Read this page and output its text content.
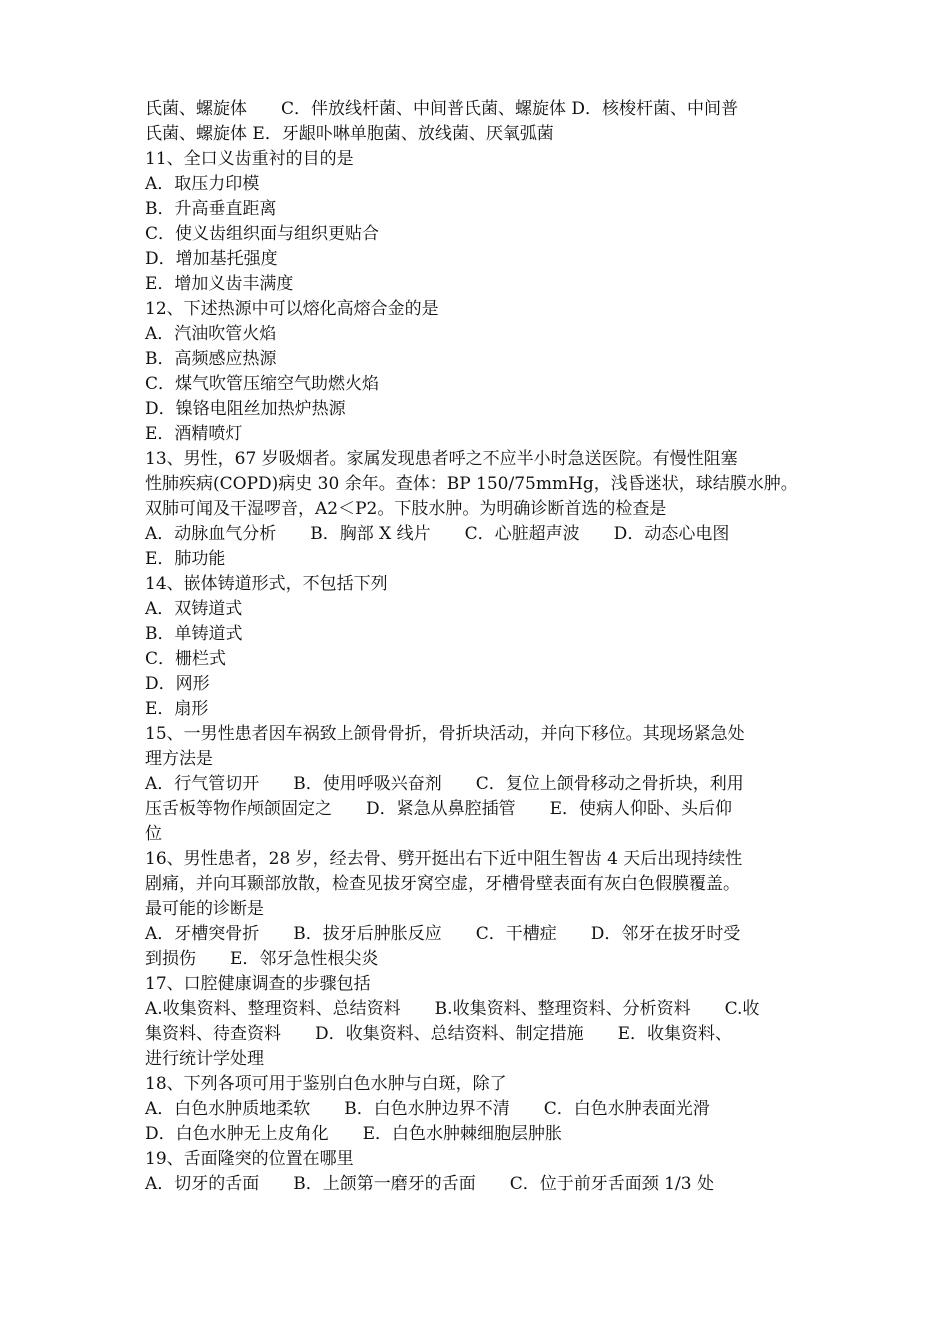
氏菌、螺旋体　　C．伴放线杆菌、中间普氏菌、螺旋体 D．核梭杆菌、中间普
氏菌、螺旋体 E．牙龈卟啉单胞菌、放线菌、厌氧弧菌
11、全口义齿重衬的目的是
A．取压力印模
B．升高垂直距离
C．使义齿组织面与组织更贴合
D．增加基托强度
E．增加义齿丰满度
12、下述热源中可以熔化高熔合金的是
A．汽油吹管火焰
B．高频感应热源
C．煤气吹管压缩空气助燃火焰
D．镍铬电阻丝加热炉热源
E．酒精喷灯
13、男性，67 岁吸烟者。家属发现患者呼之不应半小时急送医院。有慢性阻塞
性肺疾病(COPD)病史 30 余年。查体：BP 150/75mmHg，浅昏迷状，球结膜水肿。
双肺可闻及干湿啰音，A2＜P2。下肢水肿。为明确诊断首选的检查是
A．动脉血气分析　　B．胸部 X 线片　　C．心脏超声波　　D．动态心电图
E．肺功能
14、嵌体铸道形式，不包括下列
A．双铸道式
B．单铸道式
C．栅栏式
D．网形
E．扇形
15、一男性患者因车祸致上颌骨骨折，骨折块活动，并向下移位。其现场紧急处
理方法是
A．行气管切开　　B．使用呼吸兴奋剂　　C．复位上颌骨移动之骨折块，利用
压舌板等物作颅颌固定之　　D．紧急从鼻腔插管　　E．使病人仰卧、头后仰
位
16、男性患者，28 岁，经去骨、劈开挺出右下近中阻生智齿 4 天后出现持续性
剧痛，并向耳颞部放散，检查见拔牙窝空虚，牙槽骨壁表面有灰白色假膜覆盖。
最可能的诊断是
A．牙槽突骨折　　B．拔牙后肿胀反应　　C．干槽症　　D．邻牙在拔牙时受
到损伤　　E．邻牙急性根尖炎
17、口腔健康调查的步骤包括
A.收集资料、整理资料、总结资料　　B.收集资料、整理资料、分析资料　　C.收
集资料、待查资料　　D．收集资料、总结资料、制定措施　　E．收集资料、
进行统计学处理
18、下列各项可用于鉴别白色水肿与白斑，除了
A．白色水肿质地柔软　　B．白色水肿边界不清　　C．白色水肿表面光滑
D．白色水肿无上皮角化　　E．白色水肿棘细胞层肿胀
19、舌面隆突的位置在哪里
A．切牙的舌面　　B．上颌第一磨牙的舌面　　C．位于前牙舌面颈 1/3 处
